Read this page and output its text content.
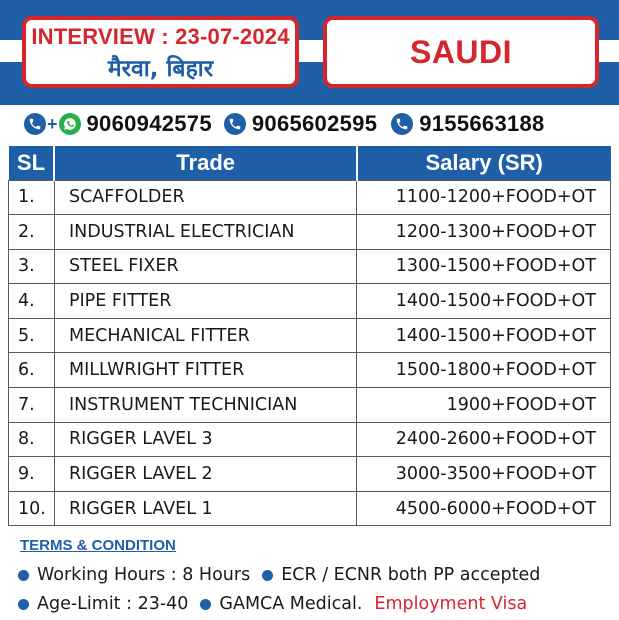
INTERVIEW : 23-07-2024
मैरवा, बिहार	SAUDI
+ 9060942575 9065602595 9155663188
SL	Trade	Salary (SR)
1.	SCAFFOLDER	1100-1200+FOOD+OT
2.	INDUSTRIAL ELECTRICIAN	1200-1300+FOOD+OT
3.	STEEL FIXER	1300-1500+FOOD+OT
4.	PIPE FITTER	1400-1500+FOOD+OT
5.	MECHANICAL FITTER	1400-1500+FOOD+OT
6.	MILLWRIGHT FITTER	1500-1800+FOOD+OT
7.	INSTRUMENT TECHNICIAN	1900+FOOD+OT
8.	RIGGER LAVEL 3	2400-2600+FOOD+OT
9.	RIGGER LAVEL 2	3000-3500+FOOD+OT
10.	RIGGER LAVEL 1	4500-6000+FOOD+OT
TERMS & CONDITION
Working Hours : 8 Hours ECR / ECNR both PP accepted
Age-Limit : 23-40 GAMCA Medical. Employment Visa
